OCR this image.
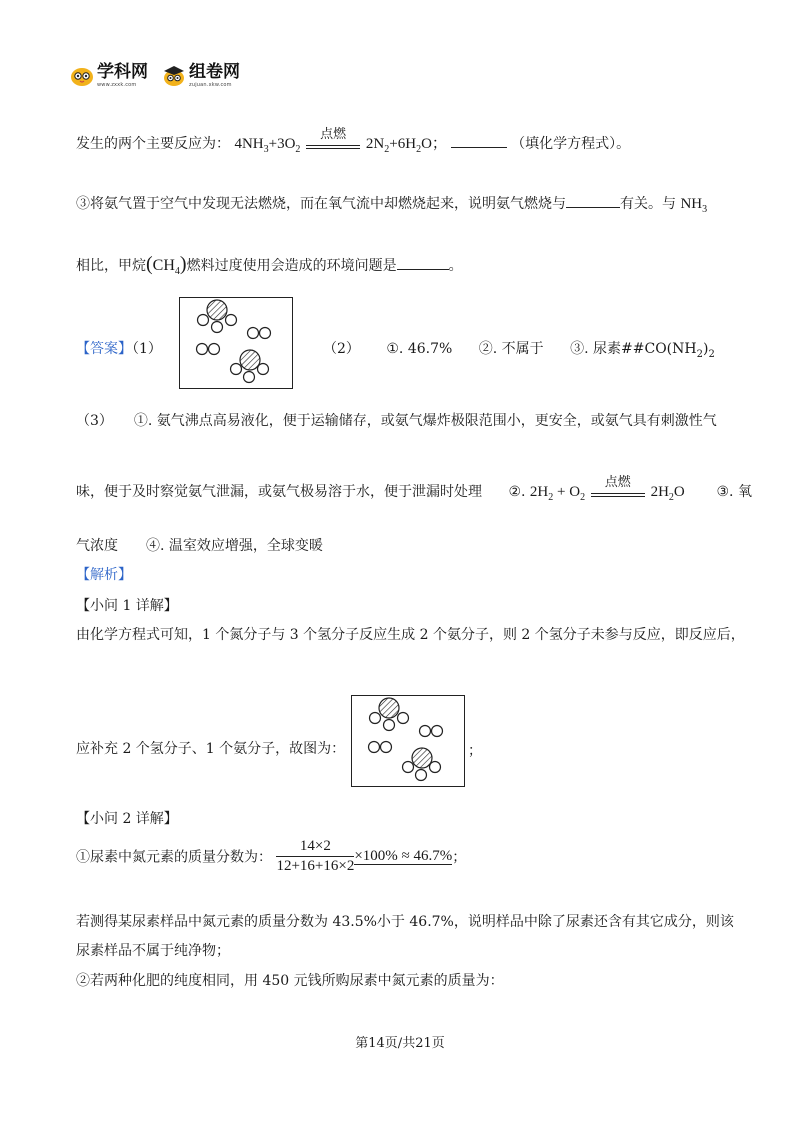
学科网
www.zxxk.com
组卷网
zujuan.xkw.com
发生的两个主要反应为： $4NH_3+3O_2$
点燃
$2N_2+6H_2O$；	（填化学方程式）。
③将氨气置于空气中发现无法燃烧，而在氧气流中却燃烧起来，说明氨气燃烧与	有关。与 $NH_3$
相比，甲烷$(CH_4)$燃料过度使用会造成的环境问题是	。
【答案】（1）	（2） ①. 46.7% ②. 不属于 ③. 尿素$\#\#CO(NH_2)_2$
（3）　　①. 氨气沸点高易液化，便于运输储存，或氨气爆炸极限范围小，更安全，或氨气具有刺激性气
味，便于及时察觉氨气泄漏，或氨气极易溶于水，便于泄漏时处理 ②. $2H_2 + O_2$
点燃
$2H_2O$ ③. 氧
气浓度　　④. 温室效应增强，全球变暖
【解析】
【小问 1 详解】
由化学方程式可知，1 个氮分子与 3 个氢分子反应生成 2 个氨分子，则 2 个氢分子未参与反应，即反应后，
应补充 2 个氢分子、1 个氨分子，故图为：	；
【小问 2 详解】
①尿素中氮元素的质量分数为： $\frac{14\times 2}{12+16+16\times 2} \times 100\% \approx 46.7\%$；
若测得某尿素样品中氮元素的质量分数为 43.5%小于 46.7%，说明样品中除了尿素还含有其它成分，则该
尿素样品不属于纯净物；
②若两种化肥的纯度相同，用 450 元钱所购尿素中氮元素的质量为：
第14页/共21页
